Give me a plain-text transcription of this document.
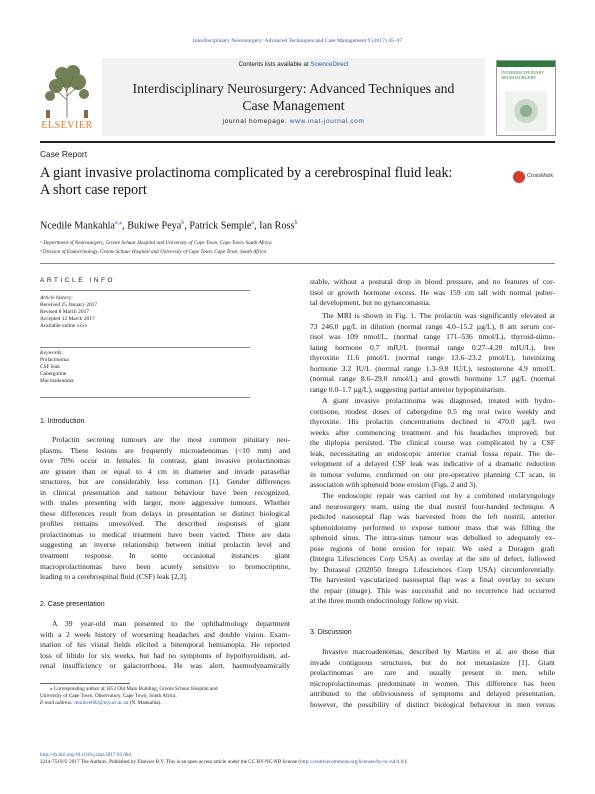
Interdisciplinary Neurosurgery: Advanced Techniques and Case Management 9 (2017) 45–47
ELSEVIER
Contents lists available at ScienceDirect
Interdisciplinary Neurosurgery: Advanced Techniques and
Case Management
journal homepage: www.inat-journal.com
INTERDISCIPLINARY NEUROSURGERY
Case Report
A giant invasive prolactinoma complicated by a cerebrospinal fluid leak:
A short case report
CrossMark
Ncedile Mankahla$^{a,⁎}$, Bukiwe Peya$^b$, Patrick Semple$^a$, Ian Ross$^b$
ᵃ Department of Neurosurgery, Groote Schuur Hospital and University of Cape Town, Cape Town, South Africa
ᵇ Division of Endocrinology, Groote Schuur Hospital and University of Cape Town, Cape Town, South Africa
ARTICLE INFO
Article history:
Received 25 January 2017
Revised 8 March 2017
Accepted 12 March 2017
Available online xxxx
Keywords:
Prolactinoma
CSF leak
Cabergoline
Macroadenoma
1. Introduction
Prolactin secreting tumours are the most common pituitary neo-
plasms. These lesions are frequently microadenomas (<10 mm) and
over 70% occur in females. In contrast, giant invasive prolactinomas
are greater than or equal to 4 cm in diameter and invade parasellar
structures, but are considerably less common [1]. Gender differences
in clinical presentation and tumour behaviour have been recognized,
with males presenting with larger, more aggressive tumours. Whether
these differences result from delays in presentation or distinct biological
profiles remains unresolved. The described responses of giant
prolactinomas to medical treatment have been varied. There are data
suggesting an inverse relationship between initial prolactin level and
treatment response. In some occasional instances giant
macroprolactinomas have been acutely sensitive to bromocriptine,
leading to a cerebrospinal fluid (CSF) leak [2,3].
2. Case presentation
A 39 year-old man presented to the ophthalmology department
with a 2 week history of worsening headaches and double vision. Exam-
ination of his visual fields elicited a bitemporal hemianopia. He reported
loss of libido for six weeks, but had no symptoms of hypothyroidism, ad-
renal insufficiency or galactorrhoea. He was alert, haemodynamically
⁎ Corresponding author at: H53 Old Main Building, Groote Schuur Hospital and
University of Cape Town, Observatory, Cape Town, South Africa.
E-mail address: mnlince002@myuct.ac.za (N. Mankahla).
stable, without a postural drop in blood pressure, and no features of cor-
tisol or growth hormone excess. He was 159 cm tall with normal puber-
tal development, but no gynaecomastia.
The MRI is shown in Fig. 1. The prolactin was significantly elevated at
73 246.0 µg/L in dilution (normal range 4.0–15.2 µg/L), 8 am serum cor-
tisol was 109 nmol/L, (normal range 171–536 nmol/L), thyroid-stimu-
lating hormone 0.7 mIU/L (normal range 0.27–4.20 mIU/L), free
thyroxine 11.6 pmol/L (normal range 13.6–23.2 pmol/L), luteinizing
hormone 3.2 IU/L (normal range 1.3–9.8 IU/L), testosterone 4.9 nmol/L
(normal range 8.6–29.0 nmol/L) and growth hormone 1.7 µg/L (normal
range 0.0–1.7 µg/L), suggesting partial anterior hypopituitarism.
A giant invasive prolactinoma was diagnosed, treated with hydro-
cortisone, modest doses of cabergoline 0.5 mg oral twice weekly and
thyroxine. His prolactin concentrations declined to 470.0 µg/L two
weeks after commencing treatment and his headaches improved, but
the diplopia persisted. The clinical course was complicated by a CSF
leak, necessitating an endoscopic anterior cranial fossa repair. The de-
velopment of a delayed CSF leak was indicative of a dramatic reduction
in tumour volume, confirmed on our pre-operative planning CT scan, in
association with sphenoid bone erosion (Figs. 2 and 3).
The endoscopic repair was carried out by a combined otolaryngology
and neurosurgery team, using the dual nostril four-handed technique. A
pedicled nasoseptal flap was harvested from the left nostril, anterior
sphenoidotomy performed to expose tumour mass that was filling the
sphenoid sinus. The intra-sinus tumour was debulked to adequately ex-
pose regions of bone erosion for repair. We used a Duragen graft
(Integra Lifesciences Corp USA) as overlay at the site of defect, followed
by Duraseal (202050 Integra Lifesciences Corp USA) circumferentially.
The harvested vascularized nasoseptal flap was a final overlay to secure
the repair (image). This was successful and no recurrence had occurred
at the three month endocrinology follow up visit.
3. Discussion
Invasive macroadenomas, described by Martins et al. are those that
invade contiguous structures, but do not metastasize [1]. Giant
prolactinomas are rare and usually present in men, while
microprolactinomas predominate in women. This difference has been
attributed to the obliviousness of symptoms and delayed presentation,
however, the possibility of distinct biological behaviour in men versus
http://dx.doi.org/10.1016/j.inat.2017.03.004
2214-7519/© 2017 The Authors. Published by Elsevier B.V. This is an open access article under the CC BY-NC-ND license (http://creativecommons.org/licenses/by-nc-nd/4.0/).
